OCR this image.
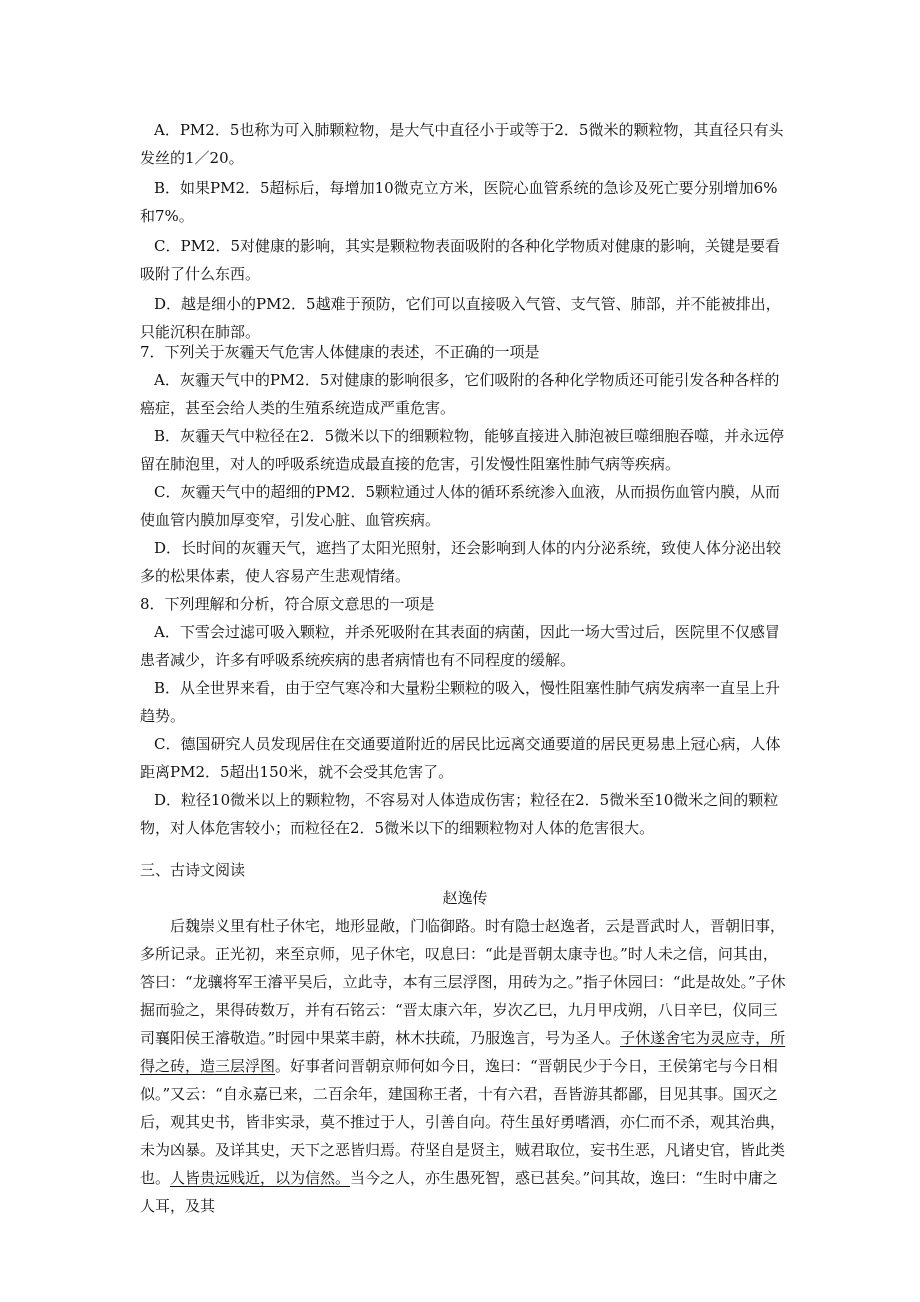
A．PM2．5也称为可入肺颗粒物，是大气中直径小于或等于2．5微米的颗粒物，其直径只有头发丝的1／20。

B．如果PM2．5超标后，每增加10微克立方米，医院心血管系统的急诊及死亡要分别增加6%和7%。

C．PM2．5对健康的影响，其实是颗粒物表面吸附的各种化学物质对健康的影响，关键是要看吸附了什么东西。

D．越是细小的PM2．5越难于预防，它们可以直接吸入气管、支气管、肺部，并不能被排出，只能沉积在肺部。

7．下列关于灰霾天气危害人体健康的表述，不正确的一项是

A．灰霾天气中的PM2．5对健康的影响很多，它们吸附的各种化学物质还可能引发各种各样的癌症，甚至会给人类的生殖系统造成严重危害。

B．灰霾天气中粒径在2．5微米以下的细颗粒物，能够直接进入肺泡被巨噬细胞吞噬，并永远停留在肺泡里，对人的呼吸系统造成最直接的危害，引发慢性阻塞性肺气病等疾病。

C．灰霾天气中的超细的PM2．5颗粒通过人体的循环系统渗入血液，从而损伤血管内膜，从而使血管内膜加厚变窄，引发心脏、血管疾病。

D．长时间的灰霾天气，遮挡了太阳光照射，还会影响到人体的内分泌系统，致使人体分泌出较多的松果体素，使人容易产生悲观情绪。

8．下列理解和分析，符合原文意思的一项是

A．下雪会过滤可吸入颗粒，并杀死吸附在其表面的病菌，因此一场大雪过后，医院里不仅感冒患者减少，许多有呼吸系统疾病的患者病情也有不同程度的缓解。

B．从全世界来看，由于空气寒冷和大量粉尘颗粒的吸入，慢性阻塞性肺气病发病率一直呈上升趋势。

C．德国研究人员发现居住在交通要道附近的居民比远离交通要道的居民更易患上冠心病，人体距离PM2．5超出150米，就不会受其危害了。

D．粒径10微米以上的颗粒物，不容易对人体造成伤害；粒径在2．5微米至10微米之间的颗粒物，对人体危害较小；而粒径在2．5微米以下的细颗粒物对人体的危害很大。

三、古诗文阅读

赵逸传

后魏崇义里有杜子休宅，地形显敞，门临御路。时有隐士赵逸者，云是晋武时人，晋朝旧事，多所记录。正光初，来至京师，见子休宅，叹息曰：“此是晋朝太康寺也。”时人未之信，问其由，答曰：“龙骧将军王濬平吴后，立此寺，本有三层浮图，用砖为之。”指子休园曰：“此是故处。”子休掘而验之，果得砖数万，并有石铭云：“晋太康六年，岁次乙巳，九月甲戌朔，八日辛巳，仪同三司襄阳侯王濬敬造。”时园中果菜丰蔚，林木扶疏，乃服逸言，号为圣人。子休遂舍宅为灵应寺，所得之砖，造三层浮图。好事者问晋朝京师何如今日，逸曰：“晋朝民少于今日，王侯第宅与今日相似。”又云：“自永嘉已来，二百余年，建国称王者，十有六君，吾皆游其都鄙，目见其事。国灭之后，观其史书，皆非实录，莫不推过于人，引善自向。苻生虽好勇嗜酒，亦仁而不杀，观其治典，未为凶暴。及详其史，天下之恶皆归焉。苻坚自是贤主，贼君取位，妄书生恶，凡诸史官，皆此类也。人皆贵远贱近，以为信然。当今之人，亦生愚死智，惑已甚矣。”问其故，逸曰：“生时中庸之人耳，及其
